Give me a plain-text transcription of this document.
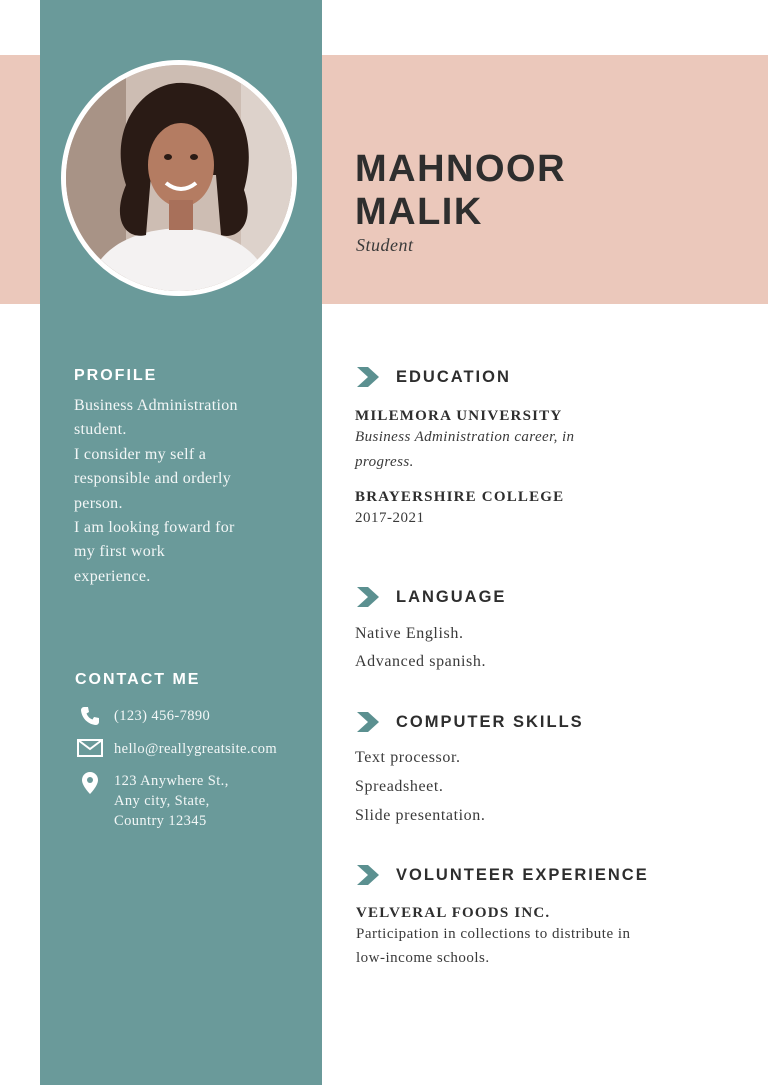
MAHNOOR
MALIK
Student
PROFILE
Business Administration
student.
I consider my self a
responsible and orderly
person.
I am looking foward for
my first work
experience.
CONTACT ME
(123) 456-7890
hello@reallygreatsite.com
123 Anywhere St.,
Any city, State,
Country 12345
EDUCATION
MILEMORA UNIVERSITY
Business Administration career, in
progress.
BRAYERSHIRE COLLEGE
2017-2021
LANGUAGE
Native English.
Advanced spanish.
COMPUTER SKILLS
Text processor.
Spreadsheet.
Slide presentation.
VOLUNTEER EXPERIENCE
VELVERAL FOODS INC.
Participation in collections to distribute in
low-income schools.
